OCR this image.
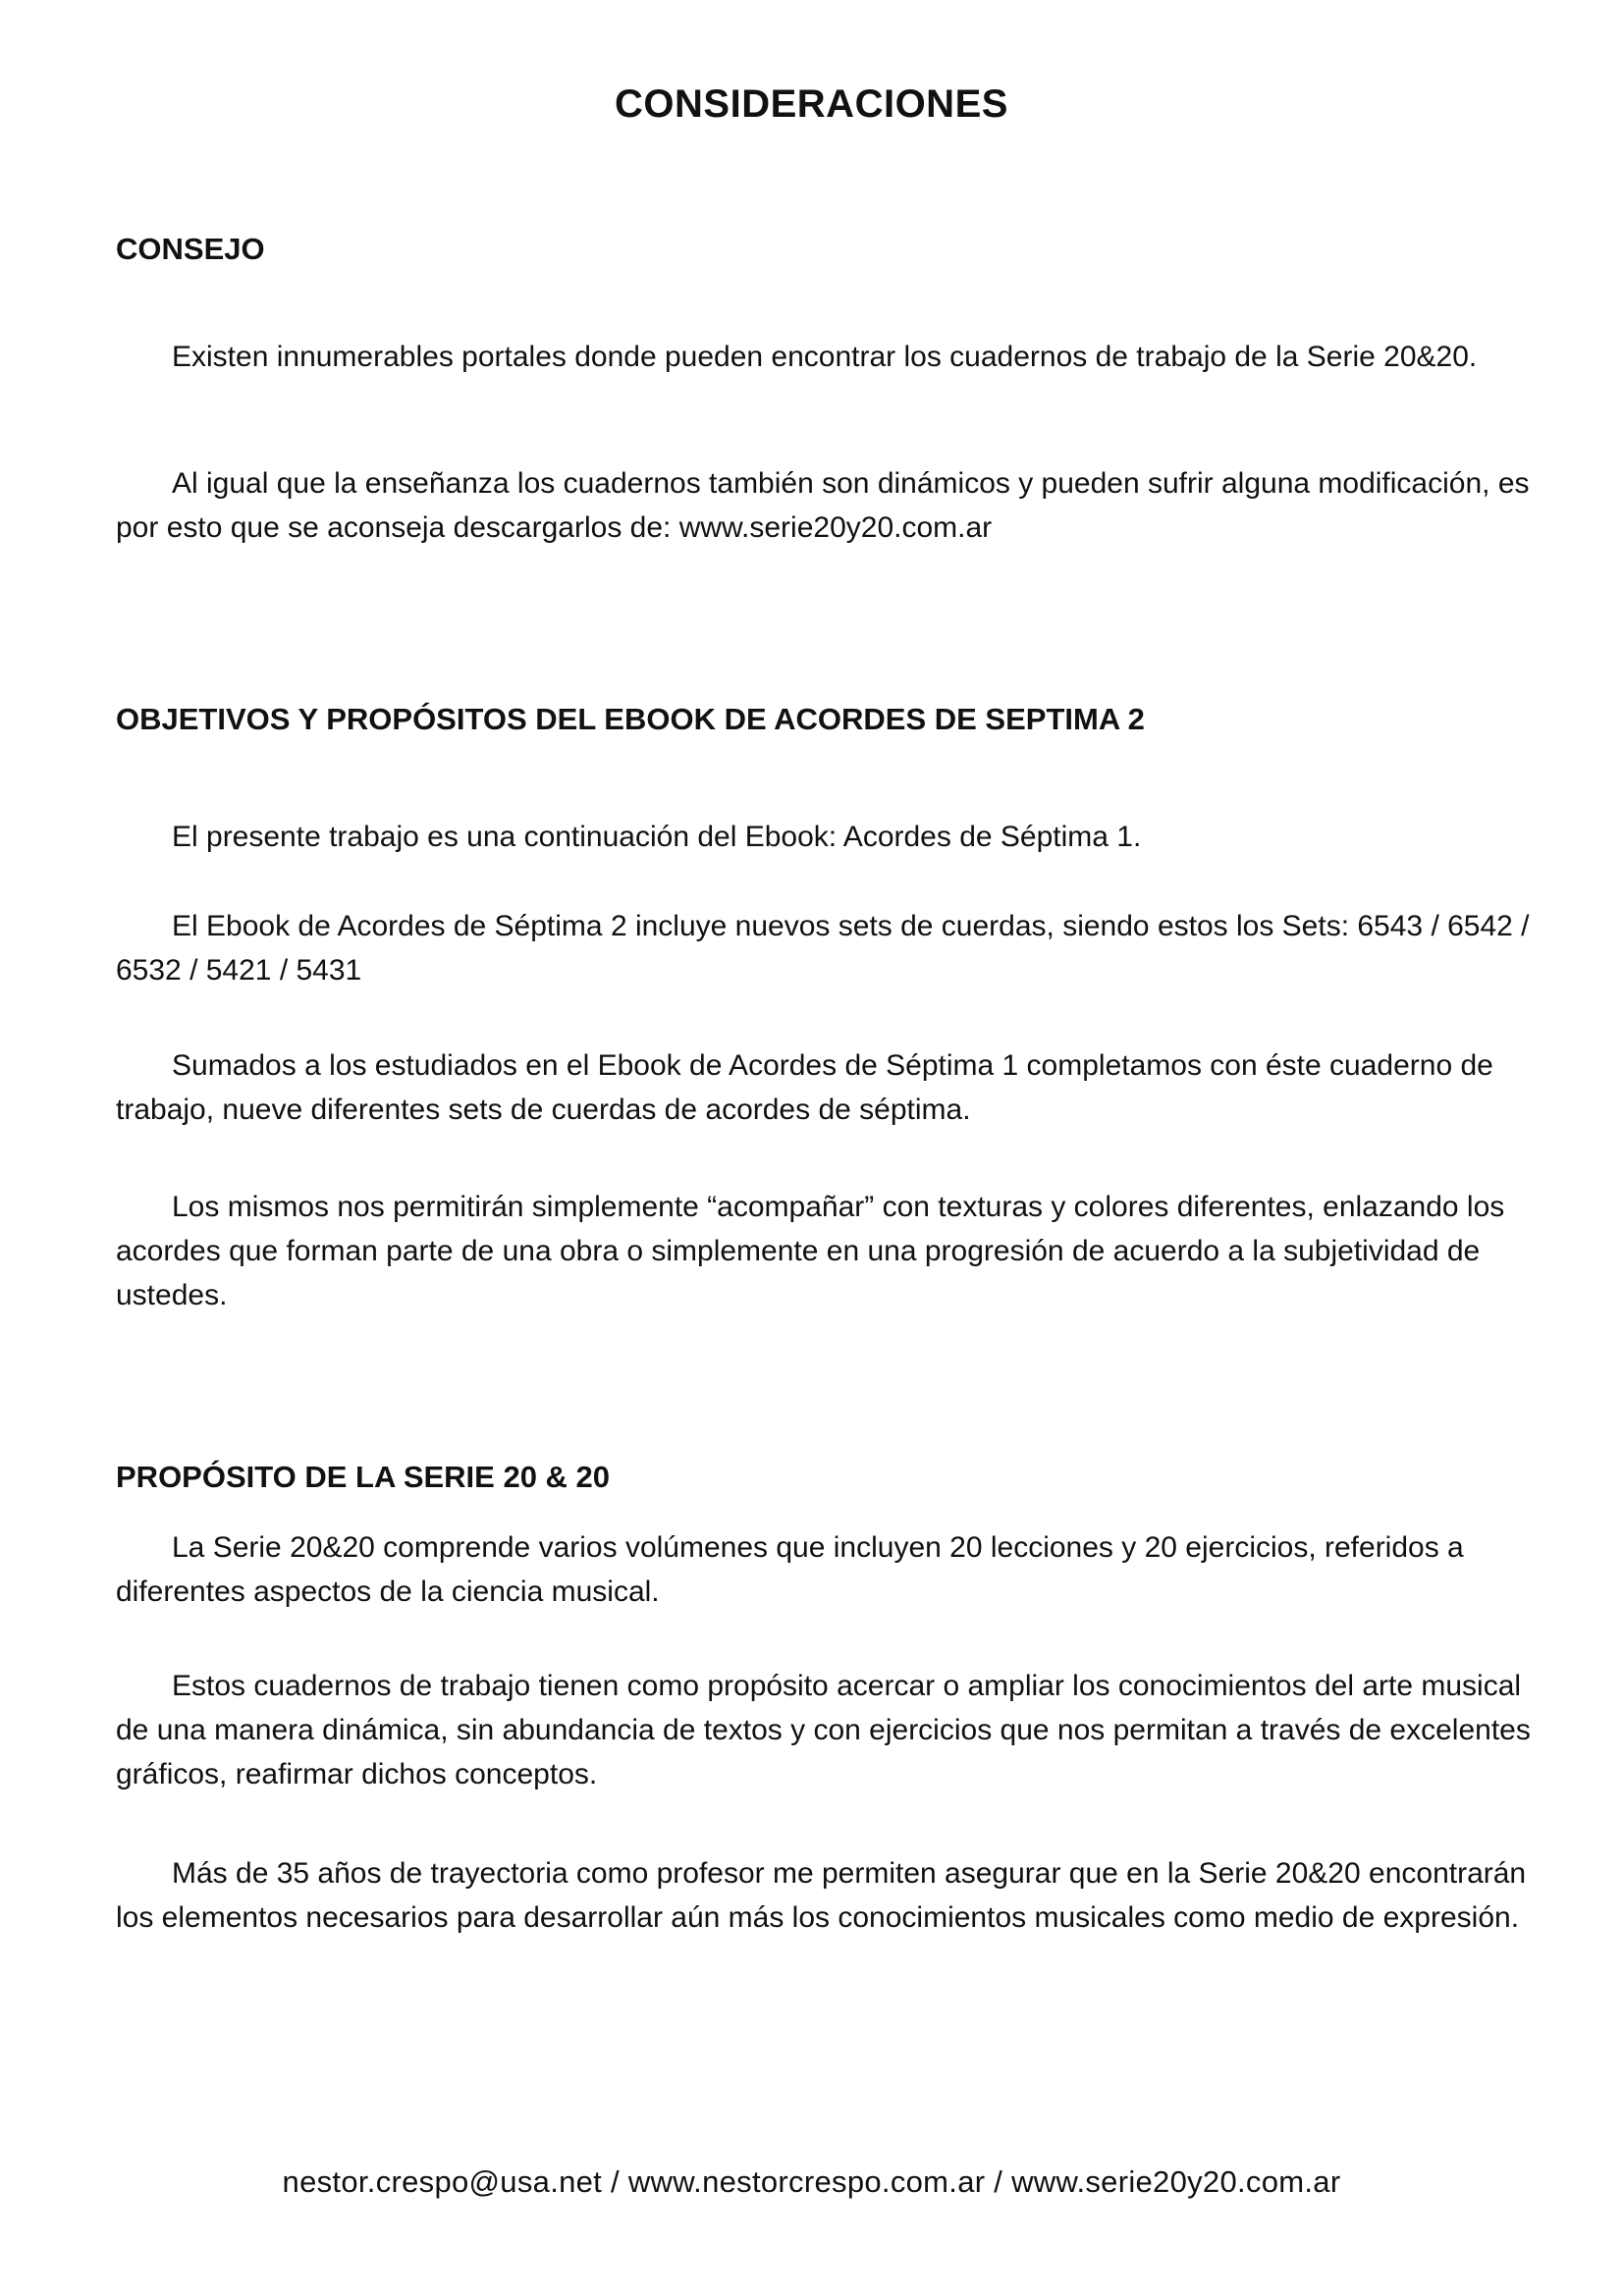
CONSIDERACIONES
CONSEJO

Existen innumerables portales donde pueden encontrar los cuadernos de trabajo de la Serie 20&20.

Al igual que la enseñanza los cuadernos también son dinámicos y pueden sufrir alguna modificación, es por esto que se aconseja descargarlos de: www.serie20y20.com.ar

OBJETIVOS Y PROPÓSITOS DEL EBOOK DE ACORDES DE SEPTIMA 2

El presente trabajo es una continuación del Ebook: Acordes de Séptima 1.

El Ebook de Acordes de Séptima 2 incluye nuevos sets de cuerdas, siendo estos los Sets: 6543 / 6542 / 6532 / 5421 / 5431

Sumados a los estudiados en el Ebook de Acordes de Séptima 1 completamos con éste cuaderno de trabajo, nueve diferentes sets de cuerdas de acordes de séptima.

Los mismos nos permitirán simplemente “acompañar” con texturas y colores diferentes, enlazando los acordes que forman parte de una obra o simplemente en una progresión de acuerdo a la subjetividad de ustedes.

PROPÓSITO DE LA SERIE 20 & 20

La Serie 20&20 comprende varios volúmenes que incluyen 20 lecciones y 20 ejercicios, referidos a diferentes aspectos de la ciencia musical.

Estos cuadernos de trabajo tienen como propósito acercar o ampliar los conocimientos del arte musical de una manera dinámica, sin abundancia de textos y con ejercicios que nos permitan a través de excelentes gráficos, reafirmar dichos conceptos.

Más de 35 años de trayectoria como profesor me permiten asegurar que en la Serie 20&20 encontrarán los elementos necesarios para desarrollar aún más los conocimientos musicales como medio de expresión.

nestor.crespo@usa.net / www.nestorcrespo.com.ar / www.serie20y20.com.ar
